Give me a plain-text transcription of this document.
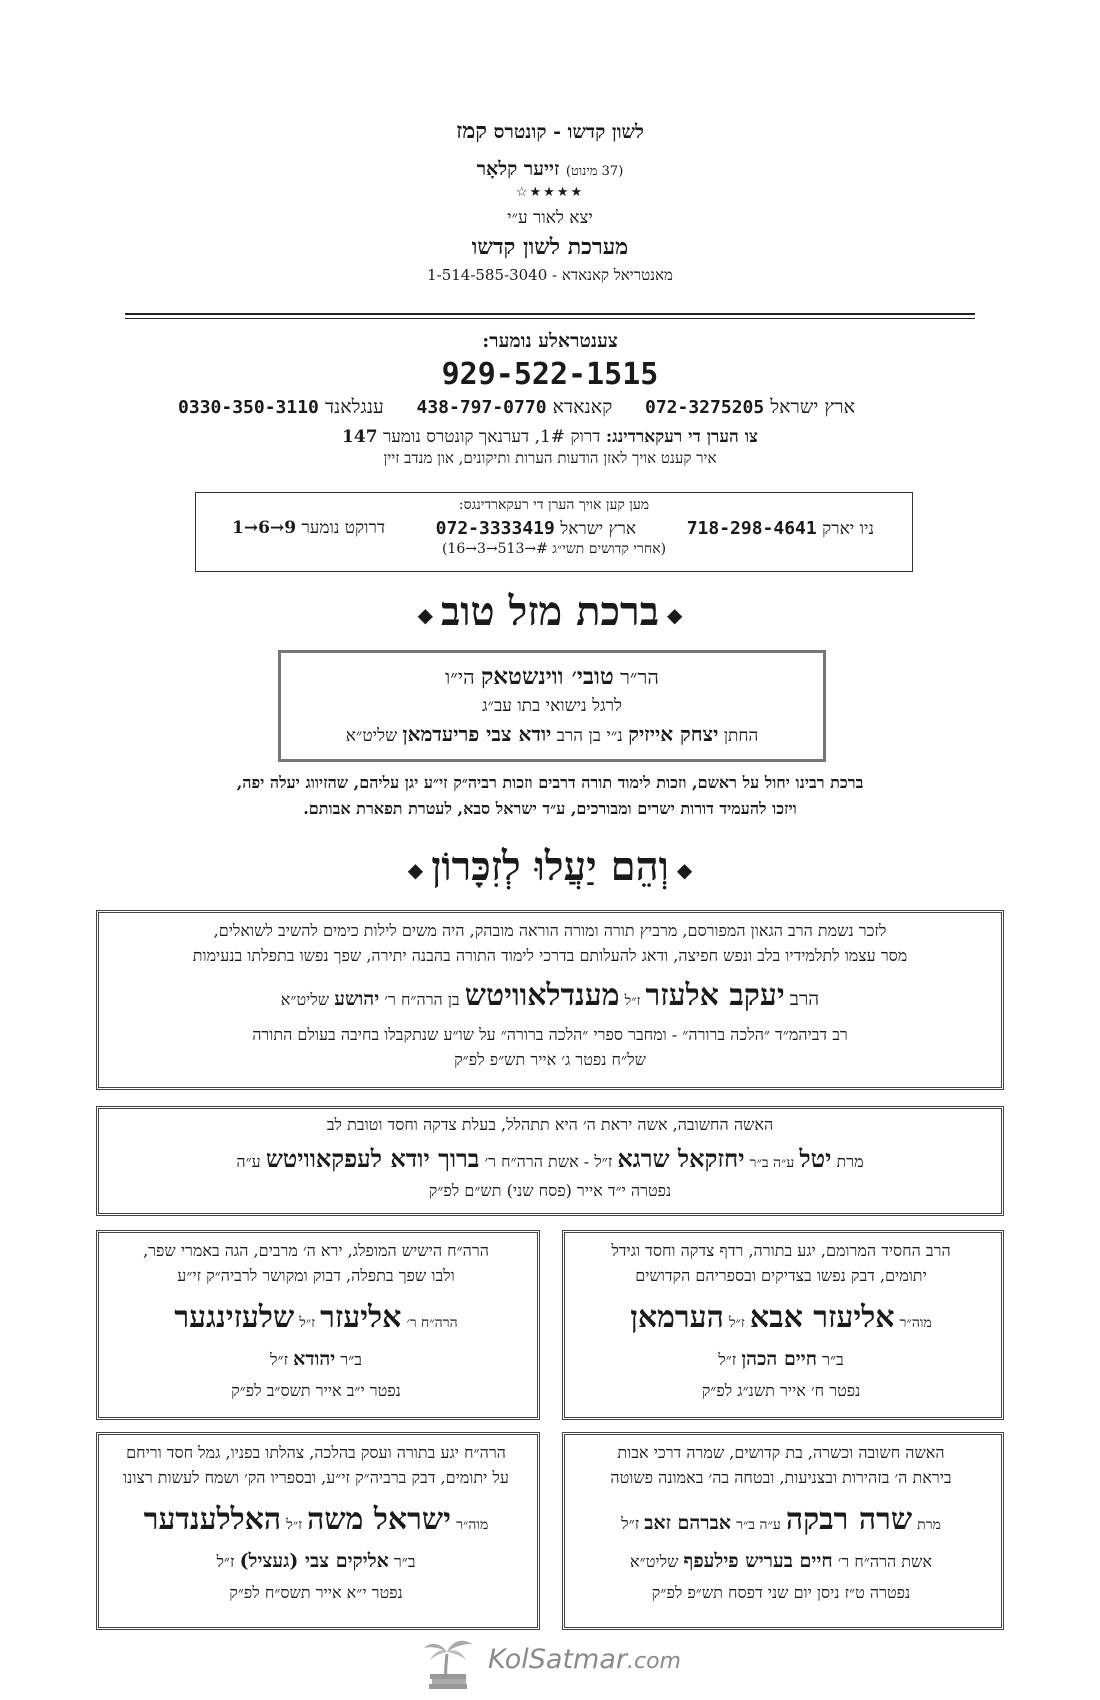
לשון קדשו - קונטרס קמז
(37 מינוט) זייער קלאָר
★★★★☆
יצא לאור ע״י
מערכת לשון קדשו
מאנטריאל קאנאדא - 1-514-585-3040
צענטראלע נומער:
929-522-1515
ארץ ישראל 072-3275205
קאנאדא 438-797-0770
ענגלאנד 0330-350-3110
צו הערן די רעקארדינג: דרוק 1#, דערנאך קונטרס נומער 147
איר קענט אויך לאזן הודעות הערות ותיקונים, און מנדב זיין
מען קען אויך הערן די רעקארדינגס:
ניו יארק 718-298-4641
ארץ ישראל 072-3333419
דרוקט נומער 9→6→1
(אחרי קדושים תשי״ג #→513→3→16)
◆ברכת מזל טוב◆
הר״ר טובי׳ ווינשטאק הי״ו
לרגל נישואי בתו עב״ג
החתן יצחק אייזיק נ״י בן הרב יודא צבי פריעדמאן שליט״א
ברכת רבינו יחול על ראשם, וזכות לימוד תורה דרבים וזכות רביה״ק זי״ע יגן עליהם, שהזיווג יעלה יפה,
ויזכו להעמיד דורות ישרים ומבורכים, ע״ד ישראל סבא, לעטרת תפארת אבותם.
◆וְהֵם יַעֲלוּ לְזִכָּרוֹן◆
לזכר נשמת הרב הגאון המפורסם, מרביץ תורה ומורה הוראה מובהק, היה משים לילות כימים להשיב לשואלים,
מסר עצמו לתלמידיו בלב ונפש חפיצה, ודאג להעלותם בדרכי לימוד התורה בהבנה יתירה, שפך נפשו בתפלתו בנעימות
הרב יעקב אלעזר ז״ל מענדלאוויטש בן הרה״ח ר׳ יהושע שליט״א
רב דביהמ״ד ״הלכה ברורה״ - ומחבר ספרי ״הלכה ברורה״ על שו״ע שנתקבלו בחיבה בעולם התורה
של״ח נפטר ג׳ אייר תש״פ לפ״ק
האשה החשובה, אשה יראת ה׳ היא תתהלל, בעלת צדקה וחסד וטובת לב
מרת יטל ע״ה ב״ר יחזקאל שרגא ז״ל - אשת הרה״ח ר׳ ברוך יודא לעפקאוויטש ע״ה
נפטרה י״ד אייר (פסח שני) תש״ם לפ״ק
הרב החסיד המרומם, יגע בתורה, רדף צדקה וחסד וגידל
יתומים, דבק נפשו בצדיקים ובספריהם הקדושים
מוה״ר אליעזר אבא ז״ל הערמאן
ב״ר חיים הכהן ז״ל
נפטר ח׳ אייר תשנ״ג לפ״ק
הרה״ח הישיש המופלג, ירא ה׳ מרבים, הגה באמרי שפר,
ולבו שפך בתפלה, דבוק ומקושר לרביה״ק זי״ע
הרה״ח ר׳ אליעזר ז״ל שלעזינגער
ב״ר יהודא ז״ל
נפטר י״ב אייר תשס״ב לפ״ק
האשה חשובה וכשרה, בת קדושים, שמרה דרכי אבות
ביראת ה׳ בזהירות ובצניעות, ובטחה בה׳ באמונה פשוטה
מרת שרה רבקה ע״ה ב״ר אברהם זאב ז״ל
אשת הרה״ח ר׳ חיים בעריש פילעפף שליט״א
נפטרה ט״ז ניסן יום שני דפסח תש״פ לפ״ק
הרה״ח יגע בתורה ועסק בהלכה, צהלתו בפניו, גמל חסד וריחם
על יתומים, דבק ברביה״ק זי״ע, ובספריו הק׳ ושמח לעשות רצונו
מוה״ר ישראל משה ז״ל האללענדער
ב״ר אליקים צבי (געציל) ז״ל
נפטר י״א אייר תשס״ח לפ״ק
KolSatmar.com
